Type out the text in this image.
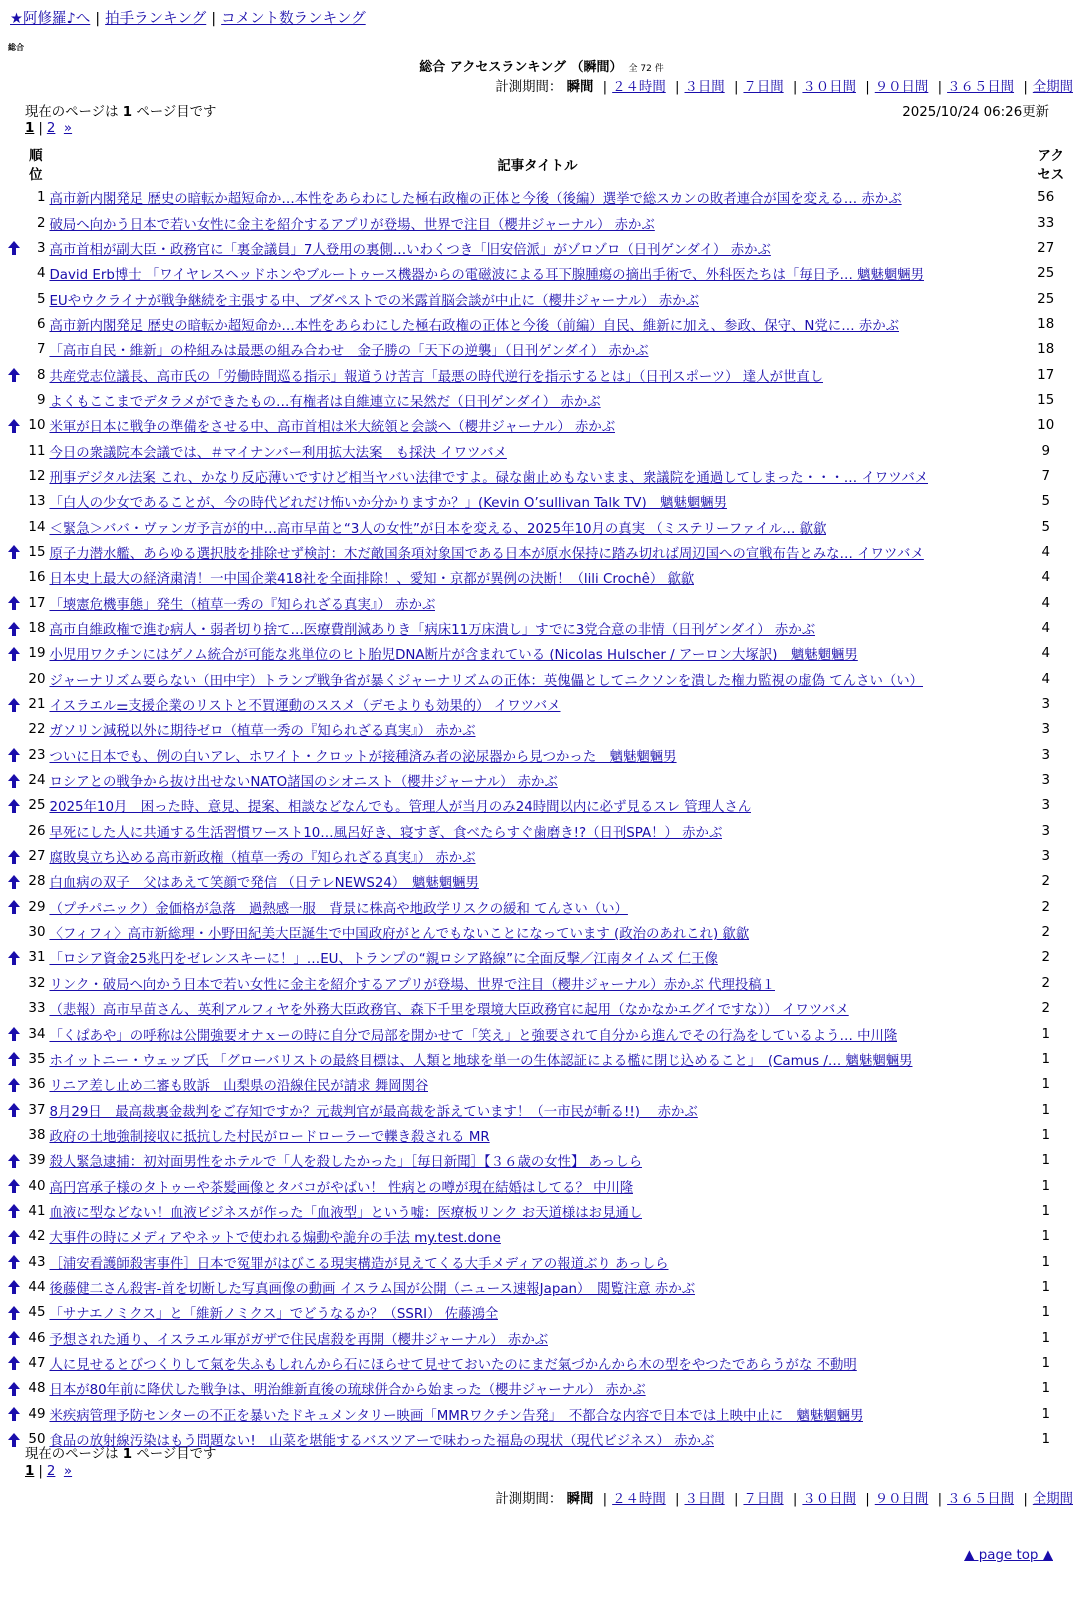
★阿修羅♪へ | 拍手ランキング | コメント数ランキング
総合
総合 アクセスランキング （瞬間） 全 72 件
計測期間： 瞬間 | ２４時間 | ３日間 | ７日間 | ３０日間 | ９０日間 | ３６５日間 | 全期間
現在のページは 1 ページ目です	2025/10/24 06:26更新
1 | 2 »
	順位	記事タイトル	アクセス
	1	高市新内閣発足 歴史の暗転か超短命か…本性をあらわにした極右政権の正体と今後（後編）選挙で総スカンの敗者連合が国を変える… 赤かぶ	56
	2	破局へ向かう日本で若い女性に金主を紹介するアプリが登場、世界で注目（櫻井ジャーナル） 赤かぶ	33
	3	高市首相が副大臣・政務官に「裏金議員」7人登用の裏側…いわくつき「旧安倍派」がゾロゾロ（日刊ゲンダイ） 赤かぶ	27
	4	David Erb博士 「ワイヤレスヘッドホンやブルートゥース機器からの電磁波による耳下腺腫瘍の摘出手術で、外科医たちは「毎日予… 魑魅魍魎男	25
	5	EUやウクライナが戦争継続を主張する中、ブダペストでの米露首脳会談が中止に（櫻井ジャーナル） 赤かぶ	25
	6	高市新内閣発足 歴史の暗転か超短命か…本性をあらわにした極右政権の正体と今後（前編）自民、維新に加え、参政、保守、N党に… 赤かぶ	18
	7	「高市自民・維新」の枠組みは最悪の組み合わせ　金子勝の「天下の逆襲」（日刊ゲンダイ） 赤かぶ	18
	8	共産党志位議長、高市氏の「労働時間巡る指示」報道うけ苦言「最悪の時代逆行を指示するとは」（日刊スポーツ） 達人が世直し	17
	9	よくもここまでデタラメができたもの…有権者は自維連立に呆然だ（日刊ゲンダイ） 赤かぶ	15
	10	米軍が日本に戦争の準備をさせる中、高市首相は米大統領と会談へ（櫻井ジャーナル） 赤かぶ	10
	11	今日の衆議院本会議では、＃マイナンバー利用拡大法案　も採決 イワツバメ	9
	12	刑事デジタル法案 これ、かなり反応薄いですけど相当ヤバい法律ですよ。碌な歯止めもないまま、衆議院を通過してしまった・・・… イワツバメ	7
	13	「白人の少女であることが、今の時代どれだけ怖いか分かりますか？」(Kevin O’sullivan Talk TV)　魑魅魍魎男	5
	14	＜緊急＞ババ・ヴァンガ予言が的中…高市早苗と“3人の女性”が日本を変える、2025年10月の真実 （ミステリーファイル… 歙歙	5
	15	原子力潜水艦、あらゆる選択肢を排除せず検討：木だ敵国条項対象国である日本が原水保持に踏み切れば周辺国への宣戦布告とみな… イワツバメ	4
	16	日本史上最大の経済粛清！一中国企業418社を全面排除！、愛知・京都が異例の決断！（lili Crochê） 歙歙	4
	17	「壊憲危機事態」発生（植草一秀の『知られざる真実』） 赤かぶ	4
	18	高市自維政権で進む病人・弱者切り捨て…医療費削減ありき「病床11万床潰し」すでに3党合意の非情（日刊ゲンダイ） 赤かぶ	4
	19	小児用ワクチンにはゲノム統合が可能な兆単位のヒト胎児DNA断片が含まれている (Nicolas Hulscher / アーロン大塚訳)　魑魅魍魎男	4
	20	ジャーナリズム要らない（田中宇）トランプ戦争省が暴くジャーナリズムの正体：英傀儡としてニクソンを潰した権力監視の虚偽 てんさい（い）	4
	21	イスラエル⚌支援企業のリストと不買運動のススメ（デモよりも効果的） イワツバメ	3
	22	ガソリン減税以外に期待ゼロ（植草一秀の『知られざる真実』） 赤かぶ	3
	23	ついに日本でも、例の白いアレ、ホワイト・クロットが接種済み者の泌尿器から見つかった　魑魅魍魎男	3
	24	ロシアとの戦争から抜け出せないNATO諸国のシオニスト（櫻井ジャーナル） 赤かぶ	3
	25	2025年10月　困った時、意見、提案、相談などなんでも。管理人が当月のみ24時間以内に必ず見るスレ 管理人さん	3
	26	早死にした人に共通する生活習慣ワースト10…風呂好き、寝すぎ、食べたらすぐ歯磨き!?（日刊SPA！） 赤かぶ	3
	27	腐敗臭立ち込める高市新政権（植草一秀の『知られざる真実』） 赤かぶ	3
	28	白血病の双子　父はあえて笑顔で発信 （日テレNEWS24）　魑魅魍魎男	2
	29	（プチパニック）金価格が急落　過熱感一服　背景に株高や地政学リスクの緩和 てんさい（い）	2
	30	〈フィフィ〉高市新総理・小野田紀美大臣誕生で中国政府がとんでもないことになっています (政治のあれこれ) 歙歙	2
	31	「ロシア資金25兆円をゼレンスキーに！」…EU、トランプの“親ロシア路線”に全面反撃／江南タイムズ 仁王像	2
	32	リンク・破局へ向かう日本で若い女性に金主を紹介するアプリが登場、世界で注目（櫻井ジャーナル）赤かぶ 代理投稿１	2
	33	（悲報）高市早苗さん、英利アルフィヤを外務大臣政務官、森下千里を環境大臣政務官に起用（なかなかエグイですな）） イワツバメ	2
	34	「くぱあや」の呼称は公開強要オナｘーの時に自分で局部を開かせて「笑え」と強要されて自分から進んでその行為をしているよう… 中川隆	1
	35	ホイットニー・ウェッブ氏 「グローバリストの最終目標は、人類と地球を単一の生体認証による檻に閉じ込めること」　(Camus /… 魑魅魍魎男	1
	36	リニア差し止め二審も敗訴　山梨県の沿線住民が請求 舞岡関谷	1
	37	8月29日　最高裁裏金裁判をご存知ですか？元裁判官が最高裁を訴えています！（一市民が斬る!!)　 赤かぶ	1
	38	政府の土地強制接収に抵抗した村民がロードローラーで轢き殺される MR	1
	39	殺人緊急逮捕：初対面男性をホテルで「人を殺したかった」［毎日新聞］【３６歳の女性】 あっしら	1
	40	高円宮承子様のタトゥーや茶髪画像とタバコがやばい！ 性病との噂が現在結婚はしてる？ 中川隆	1
	41	血液に型などない！血液ビジネスが作った「血液型」という嘘：医療板リンク お天道様はお見通し	1
	42	大事件の時にメディアやネットで使われる煽動や詭弁の手法 my.test.done	1
	43	［浦安看護師殺害事件］日本で冤罪がはびこる現実構造が見えてくる大手メディアの報道ぶり あっしら	1
	44	後藤健二さん殺害-首を切断した写真画像の動画 イスラム国が公開（ニュース速報Japan）　閲覧注意 赤かぶ	1
	45	「サナエノミクス」と「維新ノミクス」でどうなるか？（SSRI） 佐藤鴻全	1
	46	予想された通り、イスラエル軍がガザで住民虐殺を再開（櫻井ジャーナル） 赤かぶ	1
	47	人に見せるとびつくりして氣を失ふもしれんから石にほらせて見せておいたのにまだ氣づかんから木の型をやつたであらうがな 不動明	1
	48	日本が80年前に降伏した戦争は、明治維新直後の琉球併合から始まった（櫻井ジャーナル） 赤かぶ	1
	49	米疾病管理予防センターの不正を暴いたドキュメンタリー映画「MMRワクチン告発」　不都合な内容で日本では上映中止に　魑魅魍魎男	1
	50	食品の放射線汚染はもう問題ない!　山菜を堪能するバスツアーで味わった福島の現状（現代ビジネス） 赤かぶ	1
現在のページは 1 ページ目です
1 | 2 »
計測期間： 瞬間 | ２４時間 | ３日間 | ７日間 | ３０日間 | ９０日間 | ３６５日間 | 全期間
▲ page top ▲
